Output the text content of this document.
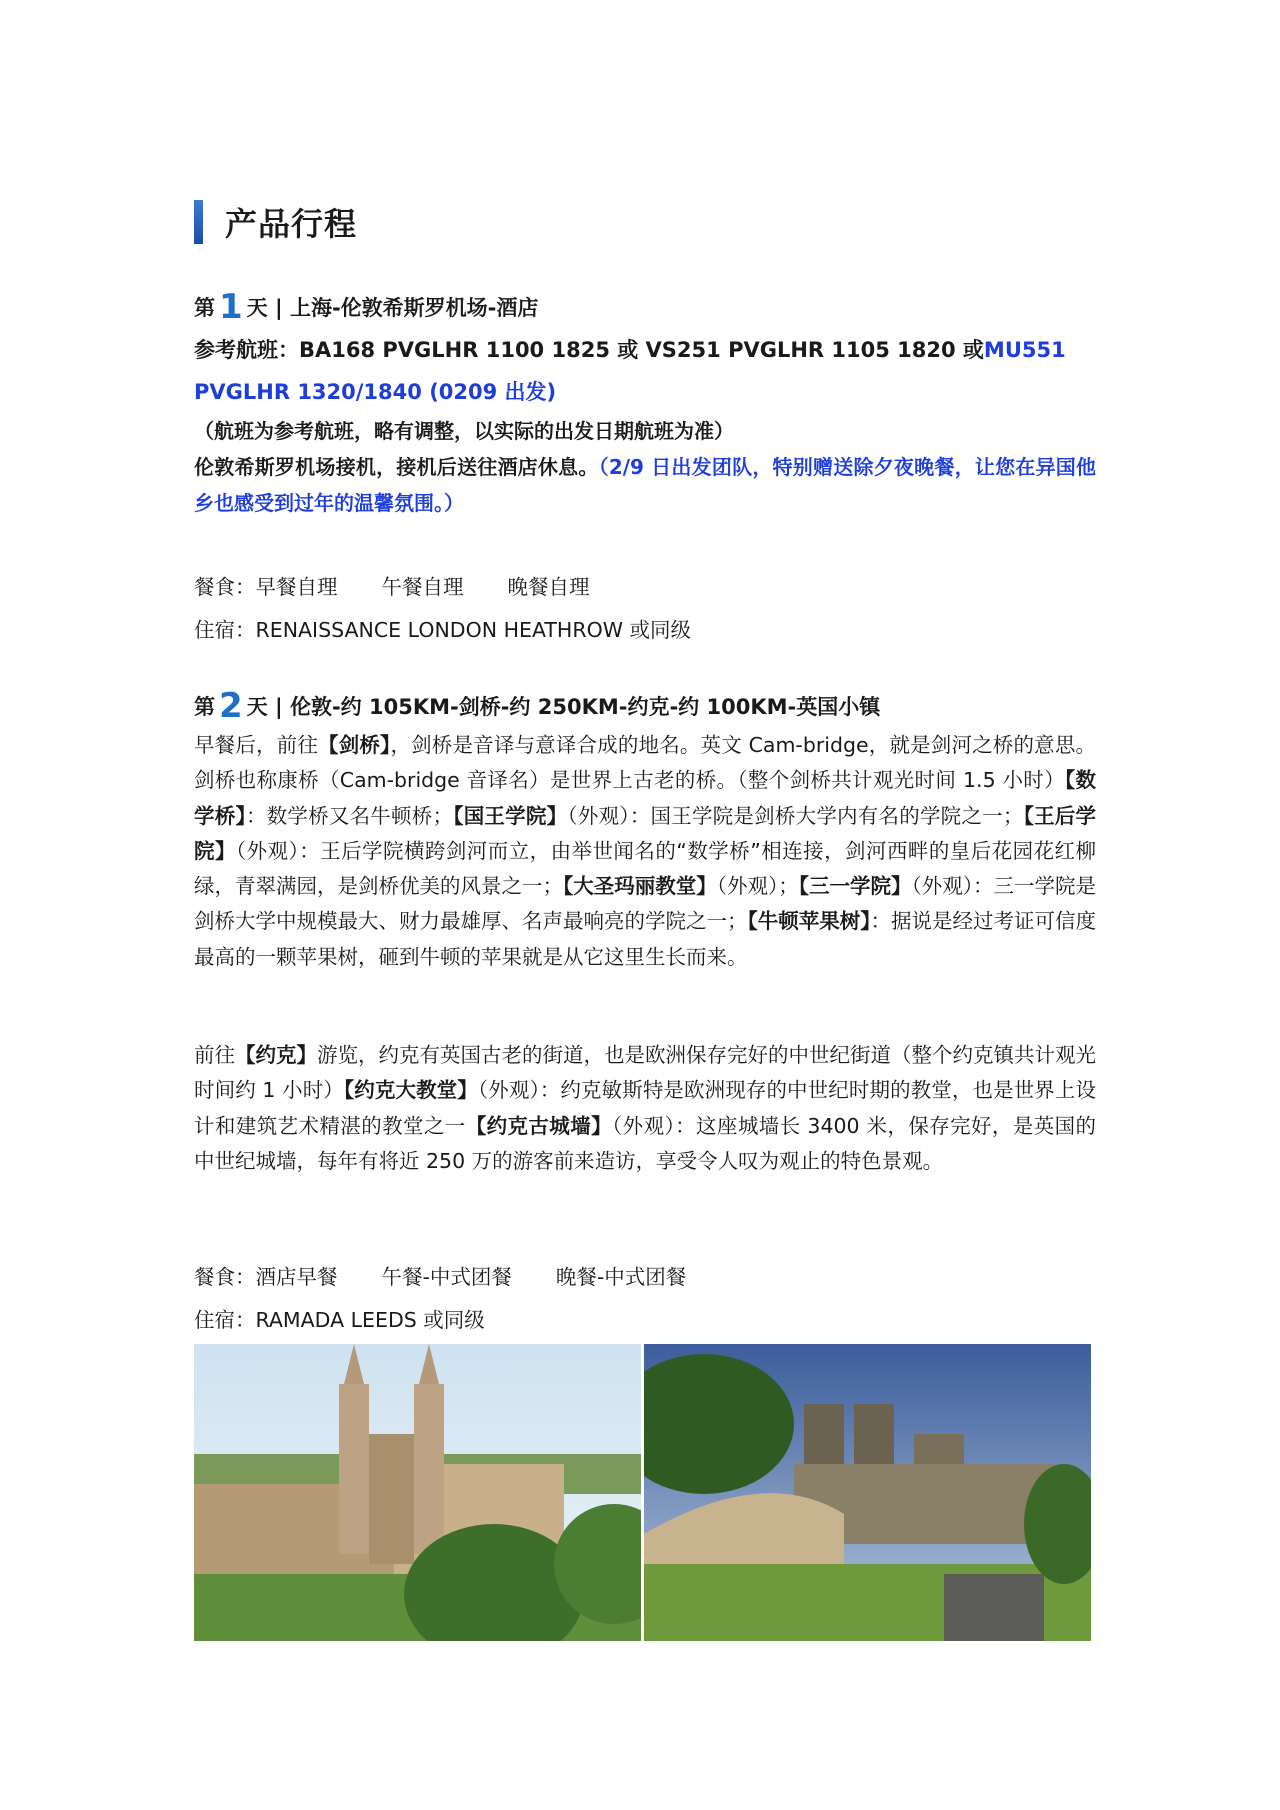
产品行程
第 1 天 | 上海-伦敦希斯罗机场-酒店
参考航班：BA168 PVGLHR 1100 1825 或 VS251 PVGLHR 1105 1820 或MU551
PVGLHR 1320/1840 (0209 出发)
（航班为参考航班，略有调整，以实际的出发日期航班为准）
伦敦希斯罗机场接机，接机后送往酒店休息。（2/9 日出发团队，特别赠送除夕夜晚餐，让您在异国他乡也感受到过年的温馨氛围。）
餐食：早餐自理 午餐自理 晚餐自理
住宿：RENAISSANCE LONDON HEATHROW 或同级
第 2 天 | 伦敦-约 105KM-剑桥-约 250KM-约克-约 100KM-英国小镇
早餐后，前往【剑桥】，剑桥是音译与意译合成的地名。英文 Cam-bridge，就是剑河之桥的意思。剑桥也称康桥（Cam-bridge 音译名）是世界上古老的桥。（整个剑桥共计观光时间 1.5 小时）【数学桥】：数学桥又名牛顿桥；【国王学院】（外观）：国王学院是剑桥大学内有名的学院之一；【王后学院】（外观）：王后学院横跨剑河而立，由举世闻名的“数学桥”相连接，剑河西畔的皇后花园花红柳绿，青翠满园，是剑桥优美的风景之一；【大圣玛丽教堂】（外观）；【三一学院】（外观）：三一学院是剑桥大学中规模最大、财力最雄厚、名声最响亮的学院之一；【牛顿苹果树】：据说是经过考证可信度最高的一颗苹果树，砸到牛顿的苹果就是从它这里生长而来。
前往【约克】游览，约克有英国古老的街道，也是欧洲保存完好的中世纪街道（整个约克镇共计观光时间约 1 小时）【约克大教堂】（外观）：约克敏斯特是欧洲现存的中世纪时期的教堂，也是世界上设计和建筑艺术精湛的教堂之一【约克古城墙】（外观）：这座城墙长 3400 米，保存完好，是英国的中世纪城墙，每年有将近 250 万的游客前来造访，享受令人叹为观止的特色景观。
餐食：酒店早餐 午餐-中式团餐 晚餐-中式团餐
住宿：RAMADA LEEDS 或同级
